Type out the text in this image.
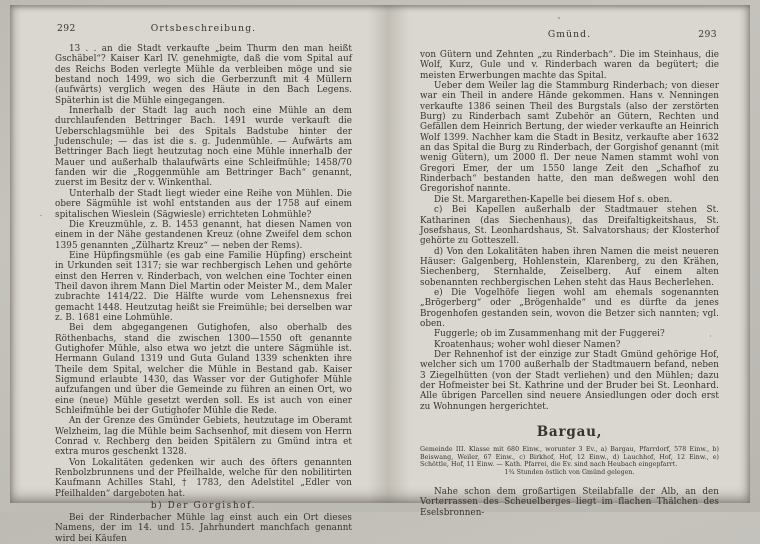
292	Ortsbeschreibung.

13 . . an die Stadt verkaufte „beim Thurm den man heißt Gschäbel“? Kaiser Karl IV. genehmigte, daß die vom Spital auf des Reichs Boden verlegte Mühle da verbleiben möge und sie bestand noch 1499, wo sich die Gerberzunft mit 4 Müllern (aufwärts) verglich wegen des Häute in den Bach Legens. Späterhin ist die Mühle eingegangen.

Innerhalb der Stadt lag auch noch eine Mühle an dem durchlaufenden Bettringer Bach. 1491 wurde verkauft die Ueberschlagsmühle bei des Spitals Badstube hinter der Judenschule; — das ist die s. g. Judenmühle. — Aufwärts am Bettringer Bach liegt heutzutag noch eine Mühle innerhalb der Mauer und außerhalb thalaufwärts eine Schleifmühle; 1458/70 fanden wir die „Roggenmühle am Bettringer Bach“ genannt, zuerst im Besitz der v. Winkenthal.

Unterhalb der Stadt liegt wieder eine Reihe von Mühlen. Die obere Sägmühle ist wohl entstanden aus der 1758 auf einem spitalischen Wieslein (Sägwiesle) errichteten Lohmühle?

Die Kreuzmühle, z. B. 1453 genannt, hat diesen Namen von einem in der Nähe gestandenen Kreuz (ohne Zweifel dem schon 1395 genannten „Zülhartz Kreuz“ — neben der Rems).

Eine Hüpfingsmühle (es gab eine Familie Hüpfing) erscheint in Urkunden seit 1317; sie war rechbergisch Lehen und gehörte einst den Herren v. Rinderbach, von welchen eine Tochter einen Theil davon ihrem Mann Diel Martin oder Meister M., dem Maler zubrachte 1414/22. Die Hälfte wurde vom Lehensnexus frei gemacht 1448. Heutzutag heißt sie Freimühle; bei derselben war z. B. 1681 eine Lohmühle.

Bei dem abgegangenen Gutighofen, also oberhalb des Röthenbachs, stand die zwischen 1300—1550 oft genannte Gutighofer Mühle, also etwa wo jetzt die untere Sägmühle ist. Hermann Guland 1319 und Guta Guland 1339 schenkten ihre Theile dem Spital, welcher die Mühle in Bestand gab. Kaiser Sigmund erlaubte 1430, das Wasser vor der Gutighofer Mühle aufzufangen und über die Gemeinde zu führen an einen Ort, wo eine (neue) Mühle gesetzt werden soll. Es ist auch von einer Schleifmühle bei der Gutighofer Mühle die Rede.

An der Grenze des Gmünder Gebiets, heutzutage im Oberamt Welzheim, lag die Mühle beim Sachsenhof, mit diesem von Herrn Conrad v. Rechberg den beiden Spitälern zu Gmünd intra et extra muros geschenkt 1328.

Von Lokalitäten gedenken wir auch des öfters genannten Renbolzbrunnens und der Pfeilhalde, welche für den nobilitirten Kaufmann Achilles Stahl, † 1783, den Adelstitel „Edler von Pfeilhalden“ dargeboten hat.

b) Der Gorgishof.

Bei der Rinderbacher Mühle lag einst auch ein Ort dieses Namens, der im 14. und 15. Jahrhundert manchfach genannt wird bei Käufen

Gmünd.	293

von Gütern und Zehnten „zu Rinderbach“. Die im Steinhaus, die Wolf, Kurz, Gule und v. Rinderbach waren da begütert; die meisten Erwerbungen machte das Spital.

Ueber dem Weiler lag die Stammburg Rinderbach; von dieser war ein Theil in andere Hände gekommen. Hans v. Nenningen verkaufte 1386 seinen Theil des Burgstals (also der zerstörten Burg) zu Rinderbach samt Zubehör an Gütern, Rechten und Gefällen dem Heinrich Bertung, der wieder verkaufte an Heinrich Wolf 1399. Nachher kam die Stadt in Besitz, verkaufte aber 1632 an das Spital die Burg zu Rinderbach, der Gorgishof genannt (mit wenig Gütern), um 2000 fl. Der neue Namen stammt wohl von Gregori Emer, der um 1550 lange Zeit den „Schafhof zu Rinderbach“ bestanden hatte, den man deßwegen wohl den Gregorishof nannte.

Die St. Margarethen-Kapelle bei diesem Hof s. oben.

c) Bei Kapellen außerhalb der Stadtmauer stehen St. Katharinen (das Siechenhaus), das Dreifaltigkeitshaus, St. Josefshaus, St. Leonhardshaus, St. Salvatorshaus; der Klosterhof gehörte zu Gotteszell.

d) Von den Lokalitäten haben ihren Namen die meist neueren Häuser: Galgenberg, Hohlenstein, Klarenberg, zu den Krähen, Siechenberg, Sternhalde, Zeiselberg. Auf einem alten sobenannten rechbergischen Lehen steht das Haus Becherlehen.

e) Die Vogelhöfe liegen wohl am ehemals sogenannten „Brögerberg“ oder „Brögenhalde“ und es dürfte da jenes Brogenhofen gestanden sein, wovon die Betzer sich nannten; vgl. oben.

Fuggerle; ob im Zusammenhang mit der Fuggerei?

Kroatenhaus; woher wohl dieser Namen?

Der Rehnenhof ist der einzige zur Stadt Gmünd gehörige Hof, welcher sich um 1700 außerhalb der Stadtmauern befand, neben 3 Ziegelhütten (von der Stadt verliehen) und den Mühlen; dazu der Hofmeister bei St. Kathrine und der Bruder bei St. Leonhard. Alle übrigen Parcellen sind neuere Ansiedlungen oder doch erst zu Wohnungen hergerichtet.

Bargau,

Gemeinde III. Klasse mit 680 Einw., worunter 3 Ev., a) Bargau, Pfarrdorf, 578 Einw., b) Beiswang, Weiler, 67 Einw., c) Birkhof, Hof, 12 Einw., d) Lauchhof, Hof, 12 Einw., e) Schöttle, Hof, 11 Einw. — Kath. Pfarrei, die Ev. sind nach Heubach eingepfarrt.

1¾ Stunden östlich von Gmünd gelegen.

Nahe schon dem großartigen Steilabfalle der Alb, an den Vorterrassen des Scheuelberges liegt im flachen Thälchen des Eselsbronnen-
